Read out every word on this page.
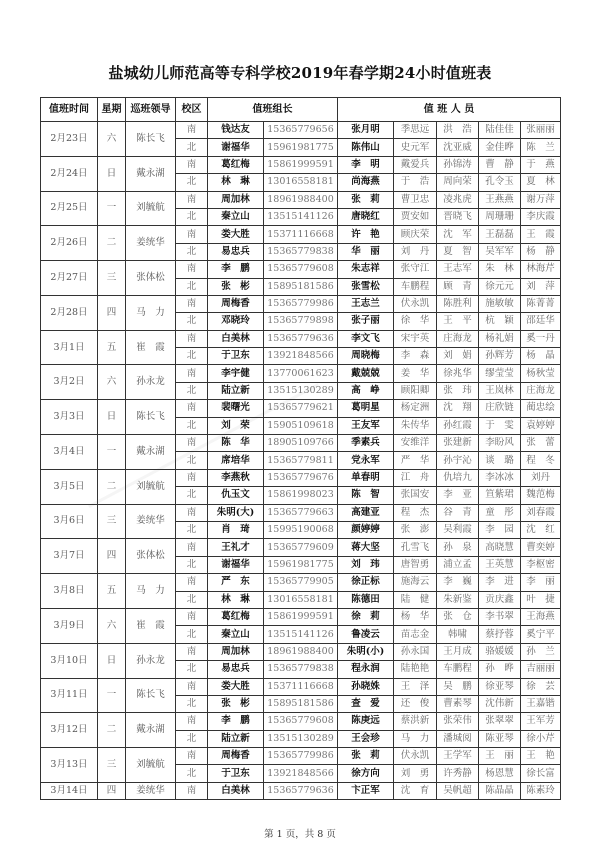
盐城幼儿师范高等专科学校2019年春学期24小时值班表
值班时间	星期	巡班领导	校区	值班组长		值 班 人 员				
2月23日	六	陈长飞	南	钱达友	15365779656	张月明	季思远	洪　浩	陆佳佳	张丽丽
			北	谢福华	15961981775	陈伟山	史元军	沈亚威	金佳晔	陈　兰
2月24日	日	戴永湖	南	葛红梅	15861999591	李　明	戴爱兵	孙锦涛	曹　静	于　燕
			北	林　琳	13016558181	尚海燕	于　浩	周向荣	孔令玉	夏　林
2月25日	一	刘毓航	南	周加林	18961988400	张　莉	曹卫忠	凌兆虎	王燕燕	谢万萍
			北	秦立山	13515141126	唐晓红	贾安如	晋晓飞	周珊珊	李庆霞
2月26日	二	姜统华	南	娄大胜	15371116668	许　艳	顾庆荣	沈　军	王磊磊	王　霞
			北	易忠兵	15365779838	华　丽	刘　丹	夏　智	吴军军	杨　静
2月27日	三	张体松	南	李　鹏	15365779608	朱志祥	张守江	王志军	朱　林	林海芹
			北	张　彬	15895181586	张雪松	车鹏程	顾　青	徐元元	刘　萍
2月28日	四	马　力	南	周梅香	15365779986	王志兰	伏永凯	陈胜利	施敏敏	陈菁菁
			北	邓晓玲	15365779898	张子丽	徐　华	王　平	杭　颖	邵廷华
3月1日	五	崔　霞	南	白美林	15365779636	李文飞	宋宇英	庄海龙	杨礼娟	奚一丹
			北	于卫东	13921848566	周晓梅	李　森	刘　娟	孙辉芳	杨　晶
3月2日	六	孙永龙	南	李宇健	13770061623	戴兢兢	姜　华	徐兆华	缪莹莹	杨秋莹
			北	陆立新	13515130289	高　峥	顾阳卿	张　玮	王岚林	庄海龙
3月3日	日	陈长飞	南	裴曙光	15365779621	葛明星	杨定洲	沈　翔	庄欣链	蔺忠绘
			北	刘　荣	15905109618	王友军	朱传华	孙红霞	于　雯	袁婷婷
3月4日	一	戴永湖	南	陈　华	18905109766	季素兵	安维洋	张建新	李盼风	张　蕾
			北	席培华	15365779811	党永军	严　华	孙宇沁	谈　璐	程　冬
3月5日	二	刘毓航	南	李燕秋	15365779676	单春明	江　舟	仇培九	李冰冰	刘丹
			北	仇玉文	15861998023	陈　智	张国安	李　亚	笪紫珺	魏范梅
3月6日	三	姜统华	南	朱明(大)	15365779663	高建亚	程　杰	谷　青	童　彤	刘春霞
			北	肖　琦	15995190068	颜婷婷	张　澎	吴利霞	李　园	沈　红
3月7日	四	张体松	南	王礼才	15365779609	蒋大坚	孔雪飞	孙　泉	高晓慧	曹奕婷
			北	谢福华	15961981775	刘　玮	唐智勇	浦立孟	王英慧	李枢密
3月8日	五	马　力	南	严　东	15365779905	徐正标	施海云	李　巍	李　进	李　丽
			北	林　琳	13016558181	陈德田	陆　健	朱新鉴	贡庆鑫	叶　捷
3月9日	六	崔　霞	南	葛红梅	15861999591	徐　莉	杨　华	张　仓	李书翠	王海燕
			北	秦立山	13515141126	鲁凌云	苗志金	韩啸	蔡抒蓉	奚宁平
3月10日	日	孙永龙	南	周加林	18961988400	朱明(小)	孙永国	王月成	骆媛媛	孙　兰
			北	易忠兵	15365779838	程永润	陆艳艳	车鹏程	孙　晔	吉丽丽
3月11日	一	陈长飞	南	娄大胜	15371116668	孙晓姝	王　泽	吴　鹏	徐亚琴	徐　芸
			北	张　彬	15895181586	查　爱	还　俊	曹素琴	沈伟新	王嘉锴
3月12日	二	戴永湖	南	李　鹏	15365779608	陈庚远	蔡洪新	张荣伟	张翠翠	王军芳
			北	陆立新	13515130289	王会珍	马　力	潘城阅	陈亚琴	徐小芹
3月13日	三	刘毓航	南	周梅香	15365779986	张　莉	伏永凯	王学军	王　丽	王　艳
			北	于卫东	13921848566	徐方向	刘　勇	许秀静	杨恩慧	徐长富
3月14日	四	姜统华	南	白美林	15365779636	卞正军	沈　育	吴帆超	陈晶晶	陈素玲
第 1 页，共 8 页
